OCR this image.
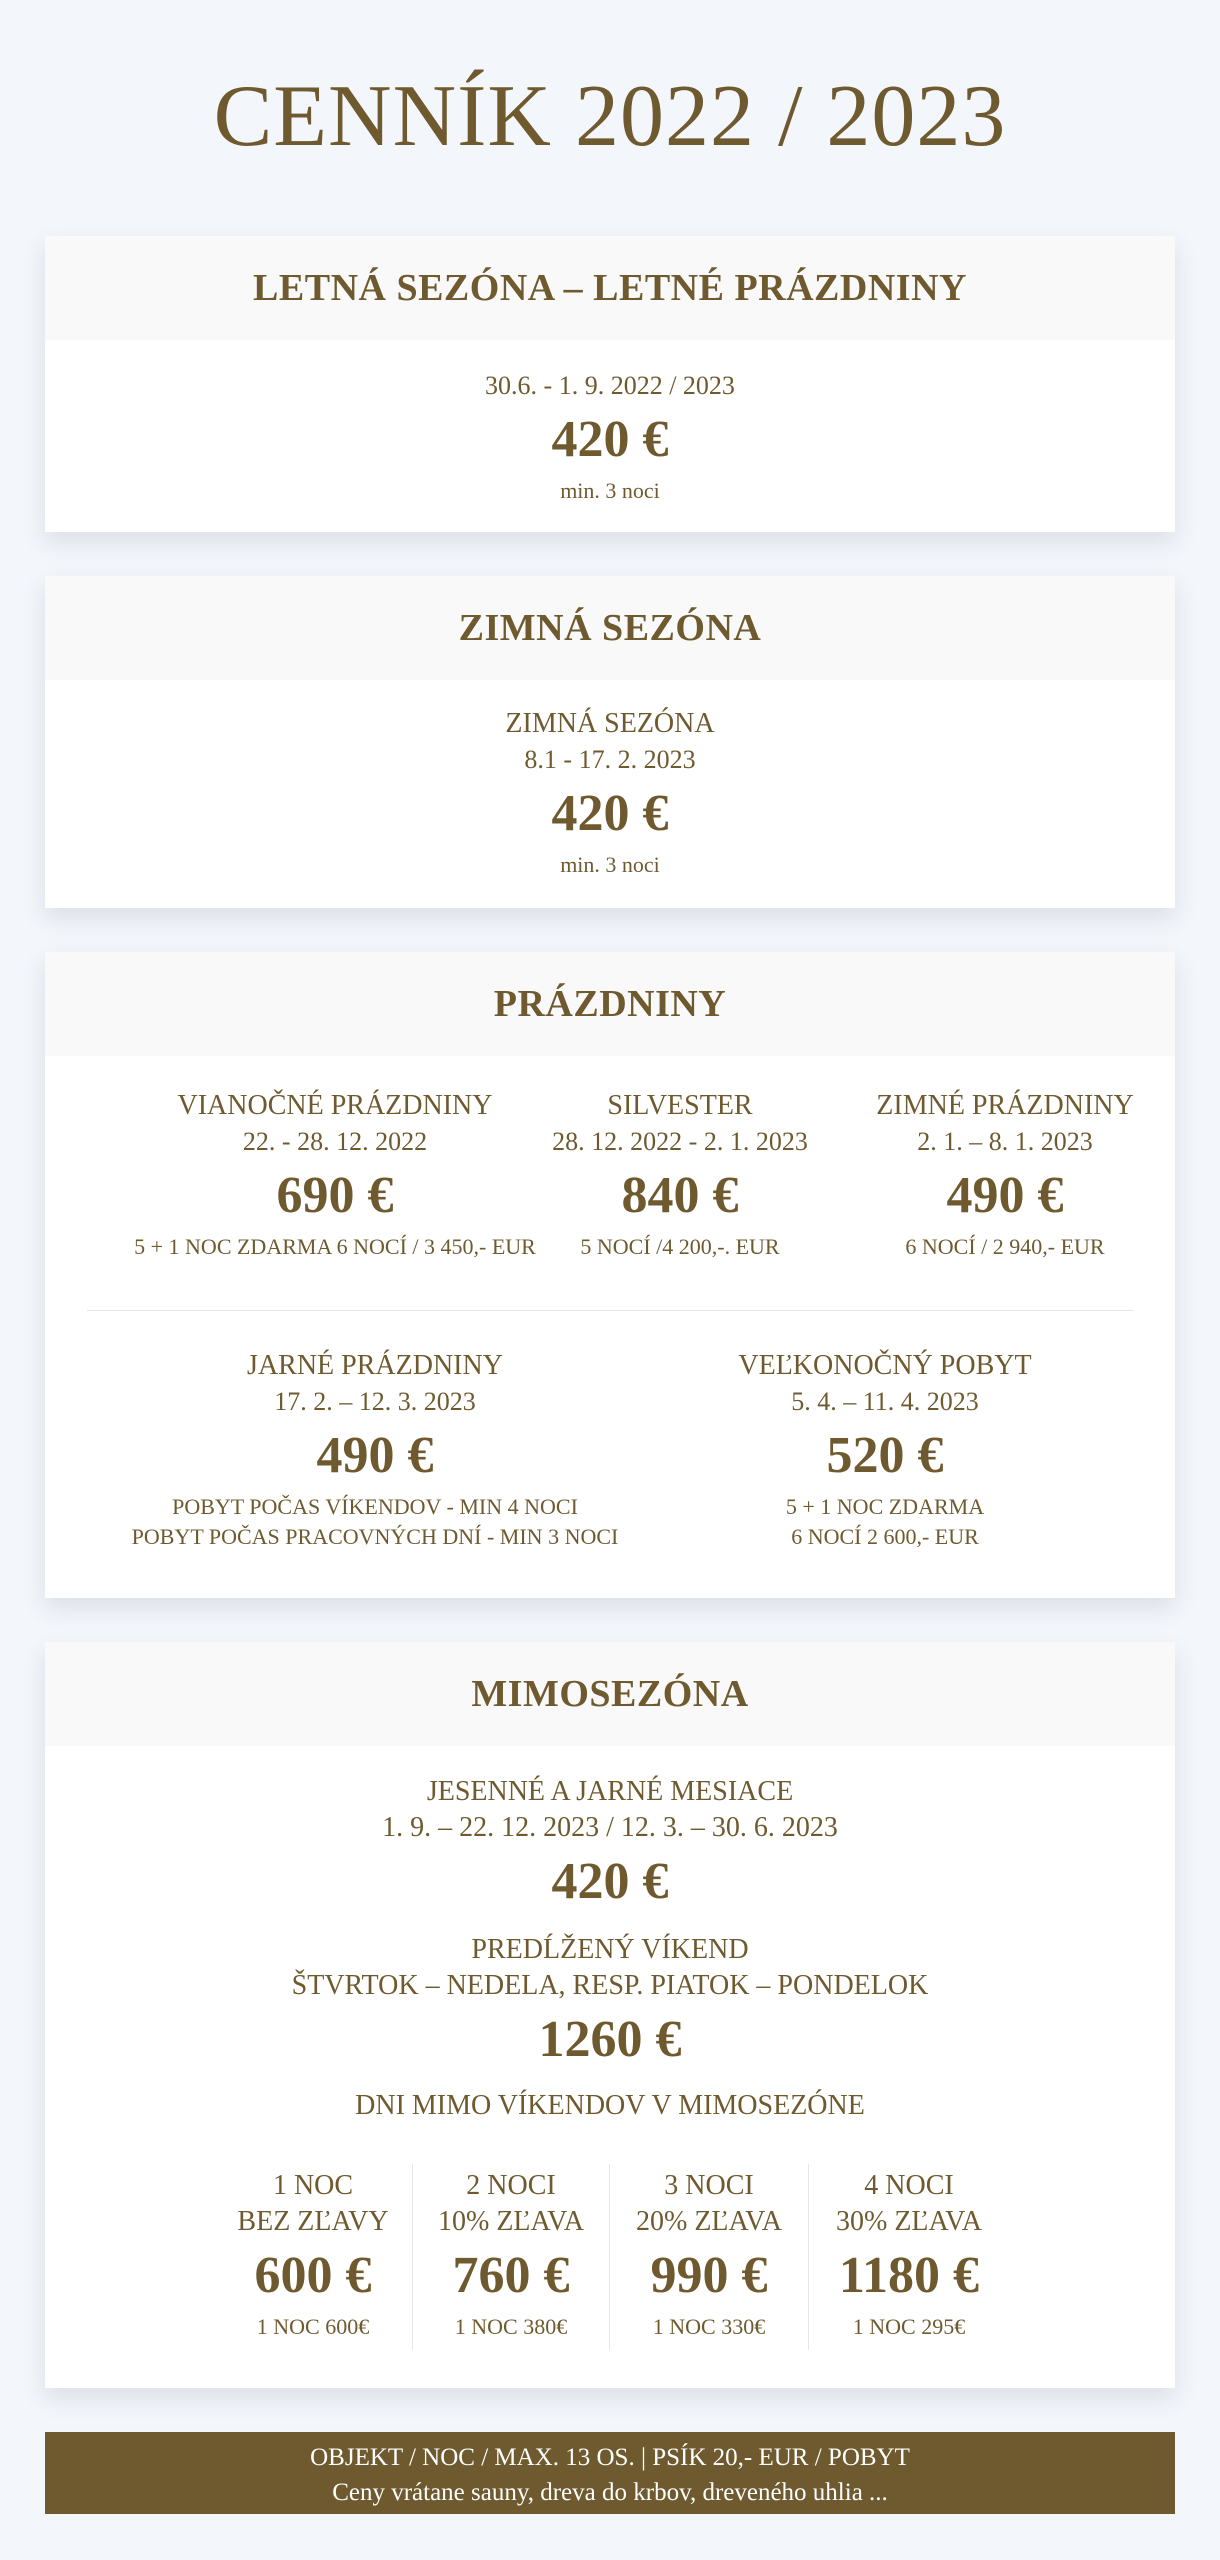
CENNÍK 2022 / 2023
LETNÁ SEZÓNA – LETNÉ PRÁZDNINY
30.6. - 1. 9. 2022 / 2023
420 €
min. 3 noci
ZIMNÁ SEZÓNA
ZIMNÁ SEZÓNA
8.1 - 17. 2. 2023
420 €
min. 3 noci
PRÁZDNINY
VIANOČNÉ PRÁZDNINY
22. - 28. 12. 2022
690 €
5 + 1 NOC ZDARMA 6 NOCÍ / 3 450,- EUR
SILVESTER
28. 12. 2022 - 2. 1. 2023
840 €
5 NOCÍ /4 200,-. EUR
ZIMNÉ PRÁZDNINY
2. 1. – 8. 1. 2023
490 €
6 NOCÍ / 2 940,- EUR
JARNÉ PRÁZDNINY
17. 2. – 12. 3. 2023
490 €
POBYT POČAS VÍKENDOV - MIN 4 NOCI
POBYT POČAS PRACOVNÝCH DNÍ - MIN 3 NOCI
VEĽKONOČNÝ POBYT
5. 4. – 11. 4. 2023
520 €
5 + 1 NOC ZDARMA
6 NOCÍ 2 600,- EUR
MIMOSEZÓNA
JESENNÉ A JARNÉ MESIACE
1. 9. – 22. 12. 2023 / 12. 3. – 30. 6. 2023
420 €
PREDĹŽENÝ VÍKEND
ŠTVRTOK – NEDELA, RESP. PIATOK – PONDELOK
1260 €
DNI MIMO VÍKENDOV V MIMOSEZÓNE
1 NOC
BEZ ZĽAVY
600 €
1 NOC 600€
2 NOCI
10% ZĽAVA
760 €
1 NOC 380€
3 NOCI
20% ZĽAVA
990 €
1 NOC 330€
4 NOCI
30% ZĽAVA
1180 €
1 NOC 295€
OBJEKT / NOC / MAX. 13 OS. | PSÍK 20,- EUR / POBYT
Ceny vrátane sauny, dreva do krbov, dreveného uhlia ...
